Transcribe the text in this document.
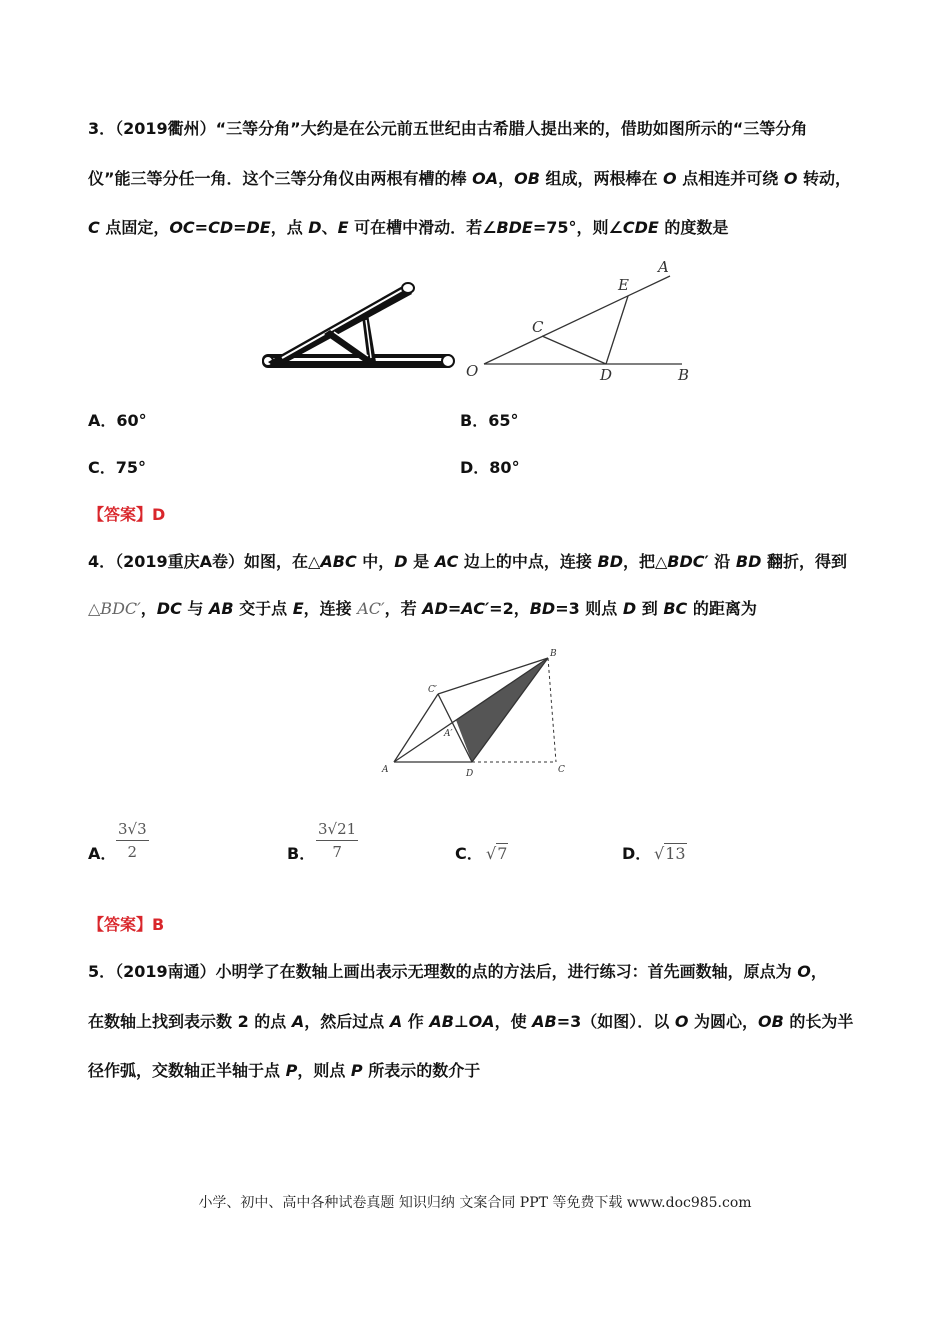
3．（2019衢州）“三等分角”大约是在公元前五世纪由古希腊人提出来的，借助如图所示的“三等分角
仪”能三等分任一角．这个三等分角仪由两根有槽的棒 OA，OB 组成，两根棒在 O 点相连并可绕 O 转动，
C 点固定，OC=CD=DE，点 D、E 可在槽中滑动．若∠BDE=75°，则∠CDE 的度数是
A
E
C
O	D	B
A．60°	B．65°
C．75°	D．80°
【答案】D
4．（2019重庆A卷）如图，在△ABC 中，D 是 AC 边上的中点，连接 BD，把△BDC′ 沿 BD 翻折，得到
△BDC′，DC 与 AB 交于点 E，连接 AC′，若 AD=AC′=2，BD=3 则点 D 到 BC 的距离为
B
C′
A′
A	D	C
A． $\frac{3√3}{2}$	B． $\frac{3√21}{7}$	C． √7	D． √13
【答案】B
5．（2019南通）小明学了在数轴上画出表示无理数的点的方法后，进行练习：首先画数轴，原点为 O，
在数轴上找到表示数 2 的点 A，然后过点 A 作 AB⊥OA，使 AB=3（如图）．以 O 为圆心，OB 的长为半
径作弧，交数轴正半轴于点 P，则点 P 所表示的数介于
小学、初中、高中各种试卷真题 知识归纳 文案合同 PPT 等免费下载 www.doc985.com
